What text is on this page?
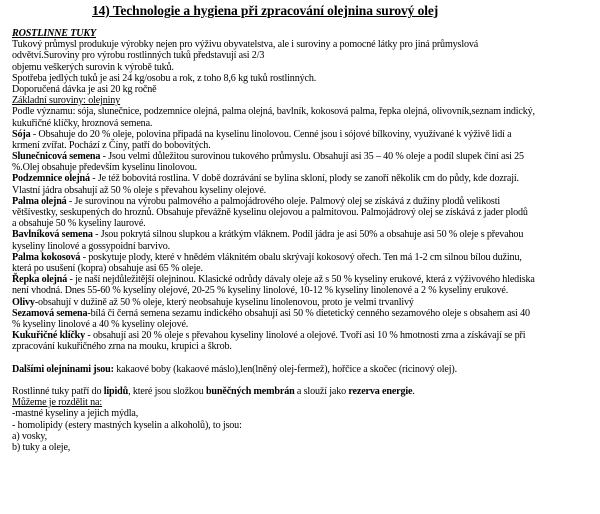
14) Technologie a hygiena při zpracování olejnina surový olej
ROSTLINNE TUKY
Tukový průmysl produkuje výrobky nejen pro výživu obyvatelstva, ale i suroviny a pomocné látky pro jiná průmyslová
odvětví.Suroviny pro výrobu rostlinných tuků představují asi 2/3
objemu veškerých surovin k výrobě tuků.
Spotřeba jedlých tuků je asi 24 kg/osobu a rok, z toho 8,6 kg tuků rostlinných.
Doporučená dávka je asi 20 kg ročně
Základní suroviny: olejniny
Podle významu: sója, slunečnice, podzemnice olejná, palma olejná, bavlník, kokosová palma, řepka olejná, olivovník,seznam indický,
kukuřičné klíčky, hroznová semena.
Sója - Obsahuje do 20 % oleje, polovina připadá na kyselinu linolovou. Cenné jsou i sójové bílkoviny, využívané k výživě lidí a
krmení zvířat. Pochází z Číny, patří do bobovitých.
Slunečnicová semena - Jsou velmi důležitou surovinou tukového průmyslu. Obsahují asi 35 – 40 % oleje a podíl slupek činí asi 25
%.Olej obsahuje především kyselinu linolovou.
Podzemnice olejná - Je též bobovitá rostlina. V době dozrávání se bylina skloní, plody se zanoří několik cm do půdy, kde dozrají.
Vlastní jádra obsahují až 50 % oleje s převahou kyseliny olejové.
Palma olejná - Je surovinou na výrobu palmového a palmojádrového oleje. Palmový olej se získává z dužiny plodů velikosti
většívestky, seskupených do hroznů. Obsahuje převážně kyselinu olejovou a palmitovou. Palmojádrový olej se získává z jader plodů
a obsahuje 50 % kyseliny laurové.
Bavlníková semena - Jsou pokrytá silnou slupkou a krátkým vláknem. Podíl jádra je asi 50% a obsahuje asi 50 % oleje s převahou
kyseliny linolové a gossypoidní barvivo.
Palma kokosová - poskytuje plody, které v hnědém vláknitém obalu skrývají kokosový ořech. Ten má 1-2 cm silnou bílou dužinu,
která po usušení (kopra) obsahuje asi 65 % oleje.
Řepka olejná - je naší nejdůležitější olejninou. Klasické odrůdy dávaly oleje až s 50 % kyseliny erukové, která z výživového hlediska
není vhodná. Dnes 55-60 % kyseliny olejové, 20-25 % kyseliny linolové, 10-12 % kyseliny linolenové a 2 % kyseliny erukové.
Olivy-obsahují v dužině až 50 % oleje, který neobsahuje kyselinu linolenovou, proto je velmi trvanlivý
Sezamová semena-bílá či černá semena sezamu indického obsahují asi 50 % dietetický cenného sezamového oleje s obsahem asi 40
% kyseliny linolové a 40 % kyseliny olejové.
Kukuřičné klíčky - obsahují asi 20 % oleje s převahou kyseliny linolové a olejové. Tvoří asi 10 % hmotnosti zrna a získávají se při
zpracování kukuřičného zrna na mouku, krupici a škrob.
Dalšími olejninami jsou: kakaové boby (kakaové máslo),len(lněný olej-fermež), hořčice a skočec (ricinový olej).
Rostlinné tuky patří do lipidů, které jsou složkou buněčných membrán a slouží jako rezerva energie.
Můžeme je rozdělit na:
-mastné kyseliny a jejich mýdla,
- homolipidy (estery mastných kyselin a alkoholů), to jsou:
a) vosky,
b) tuky a oleje,
